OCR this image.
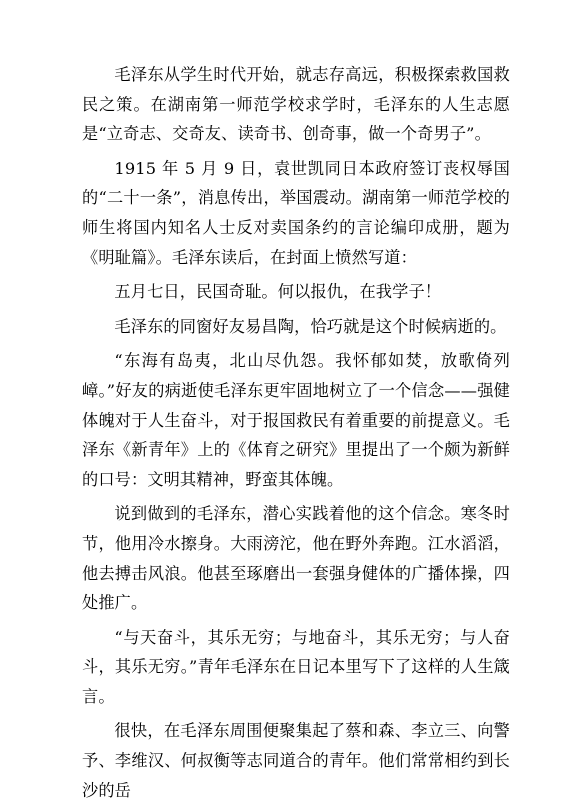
毛泽东从学生时代开始，就志存高远，积极探索救国救民之策。在湖南第一师范学校求学时，毛泽东的人生志愿是“立奇志、交奇友、读奇书、创奇事，做一个奇男子”。

1915 年 5 月 9 日，袁世凯同日本政府签订丧权辱国的“二十一条”，消息传出，举国震动。湖南第一师范学校的师生将国内知名人士反对卖国条约的言论编印成册，题为《明耻篇》。毛泽东读后，在封面上愤然写道：

五月七日，民国奇耻。何以报仇，在我学子！

毛泽东的同窗好友易昌陶，恰巧就是这个时候病逝的。

“东海有岛夷，北山尽仇怨。我怀郁如焚，放歌倚列嶂。”好友的病逝使毛泽东更牢固地树立了一个信念——强健体魄对于人生奋斗，对于报国救民有着重要的前提意义。毛泽东《新青年》上的《体育之研究》里提出了一个颇为新鲜的口号：文明其精神，野蛮其体魄。

说到做到的毛泽东，潜心实践着他的这个信念。寒冬时节，他用冷水擦身。大雨滂沱，他在野外奔跑。江水滔滔，他去搏击风浪。他甚至琢磨出一套强身健体的广播体操，四处推广。

“与天奋斗，其乐无穷；与地奋斗，其乐无穷；与人奋斗，其乐无穷。”青年毛泽东在日记本里写下了这样的人生箴言。

很快，在毛泽东周围便聚集起了蔡和森、李立三、向警予、李维汉、何叔衡等志同道合的青年。他们常常相约到长沙的岳
